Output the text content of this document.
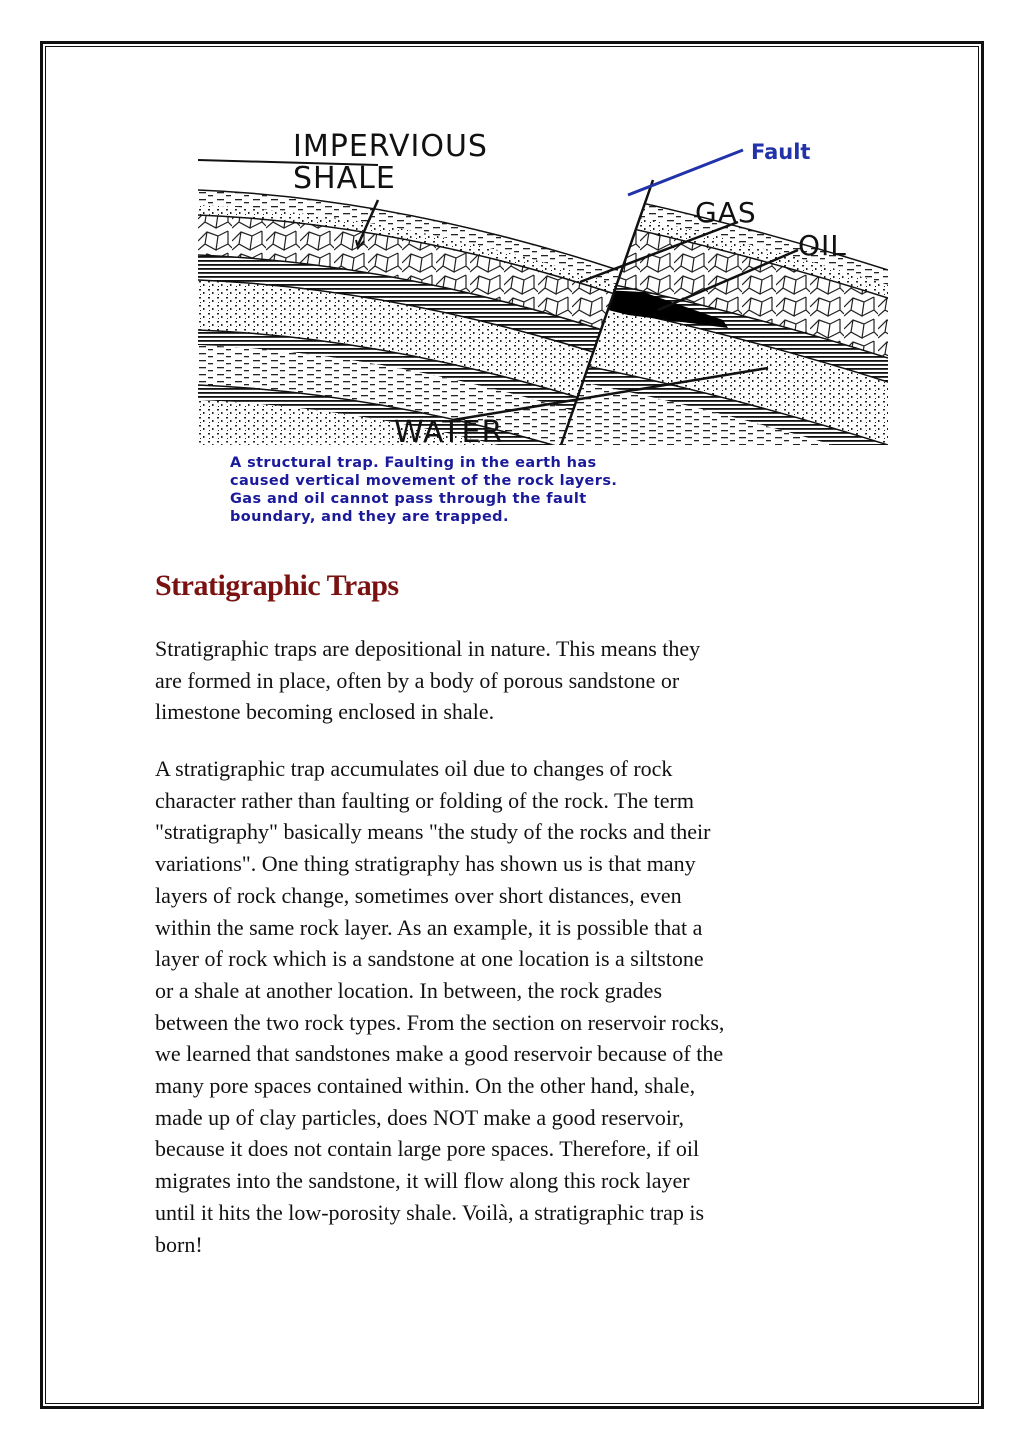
IMPERVIOUS
SHALE
Fault
GAS
OIL
WATER
A structural trap. Faulting in the earth has
caused vertical movement of the rock layers.
Gas and oil cannot pass through the fault
boundary, and they are trapped.
Stratigraphic Traps
Stratigraphic traps are depositional in nature. This means they
are formed in place, often by a body of porous sandstone or
limestone becoming enclosed in shale.
A stratigraphic trap accumulates oil due to changes of rock
character rather than faulting or folding of the rock. The term
"stratigraphy" basically means "the study of the rocks and their
variations". One thing stratigraphy has shown us is that many
layers of rock change, sometimes over short distances, even
within the same rock layer. As an example, it is possible that a
layer of rock which is a sandstone at one location is a siltstone
or a shale at another location. In between, the rock grades
between the two rock types. From the section on reservoir rocks,
we learned that sandstones make a good reservoir because of the
many pore spaces contained within. On the other hand, shale,
made up of clay particles, does NOT make a good reservoir,
because it does not contain large pore spaces. Therefore, if oil
migrates into the sandstone, it will flow along this rock layer
until it hits the low-porosity shale. Voilà, a stratigraphic trap is
born!
